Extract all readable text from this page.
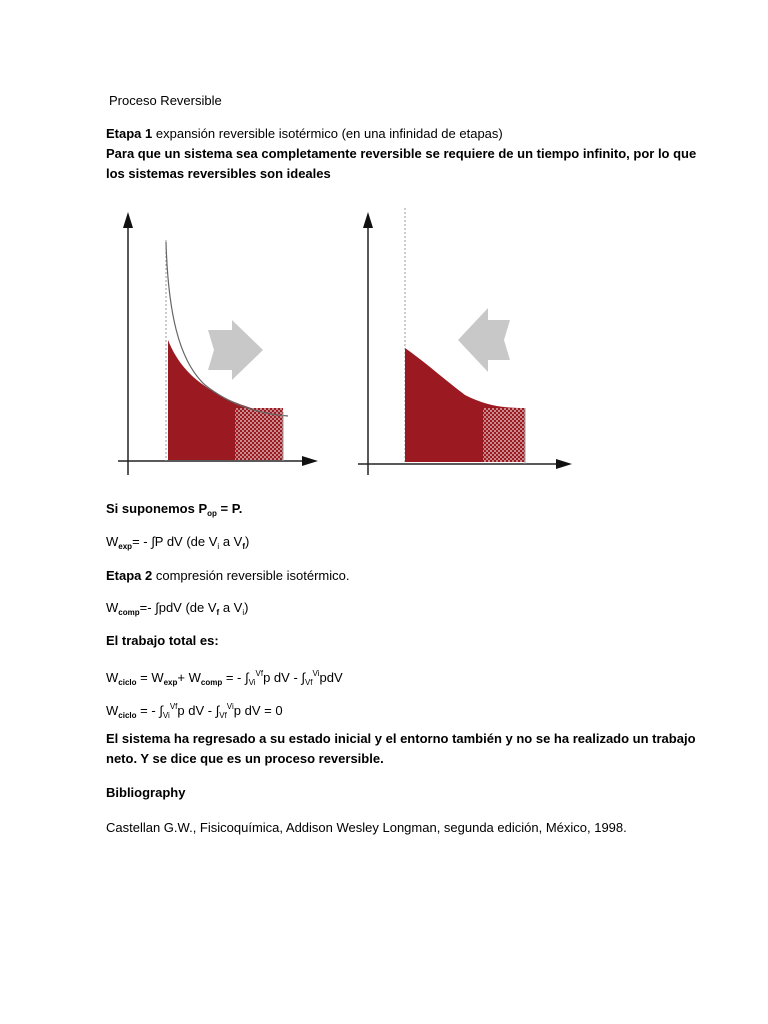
Proceso Reversible
Etapa 1 expansión reversible isotérmico (en una infinidad de etapas)
Para que un sistema sea completamente reversible se requiere de un tiempo infinito, por lo que
los sistemas reversibles son ideales
Si suponemos $P_{op} = P$.
$W_{exp}= - \int P$ dV (de $V_i$ a $V_f$)
Etapa 2 compresión reversible isotérmico.
$W_{comp}=-$ ∫pdV (de $V_f$ a $V_i$)
El trabajo total es:
$W_{ciclo} = W_{exp}+ W_{comp}$ = - $\int_{Vi}^{Vf}p$ dV - $\int_{Vf}^{Vi}pdV$
$W_{ciclo}$ = - $\int_{Vi}^{Vf}p$ dV - $\int_{Vf}^{Vi}p$ dV = 0
El sistema ha regresado a su estado inicial y el entorno también y no se ha realizado un trabajo
neto. Y se dice que es un proceso reversible.
Bibliography
Castellan G.W., Fisicoquímica, Addison Wesley Longman, segunda edición, México, 1998.
